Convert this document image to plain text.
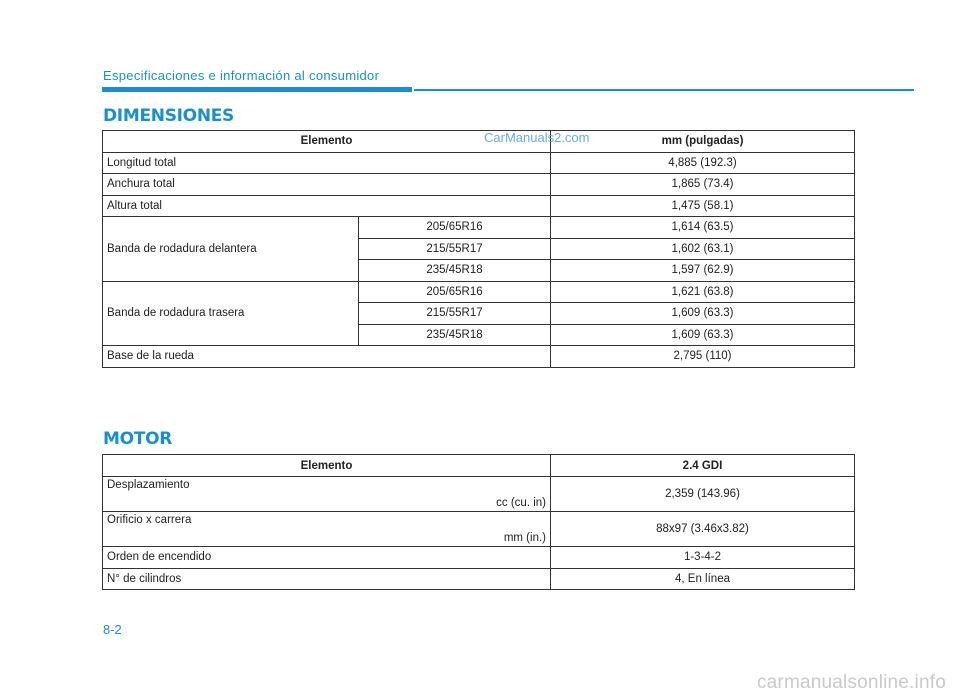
Especificaciones e información al consumidor
DIMENSIONES
Elemento		mm (pulgadas)
Longitud total		4,885 (192.3)
Anchura total		1,865 (73.4)
Altura total		1,475 (58.1)
Banda de rodadura delantera	205/65R16	1,614 (63.5)
	215/55R17	1,602 (63.1)
	235/45R18	1,597 (62.9)
Banda de rodadura trasera	205/65R16	1,621 (63.8)
	215/55R17	1,609 (63.3)
	235/45R18	1,609 (63.3)
Base de la rueda		2,795 (110)
CarManuals2.com
MOTOR
Elemento	2.4 GDI

Desplazamiento
cc (cu. in)	2,359 (143.96)

Orificio x carrera
mm (in.)	88x97 (3.46x3.82)
Orden de encendido	1-3-4-2
N° de cilindros	4, En línea
8-2
carmanualsonline.info
